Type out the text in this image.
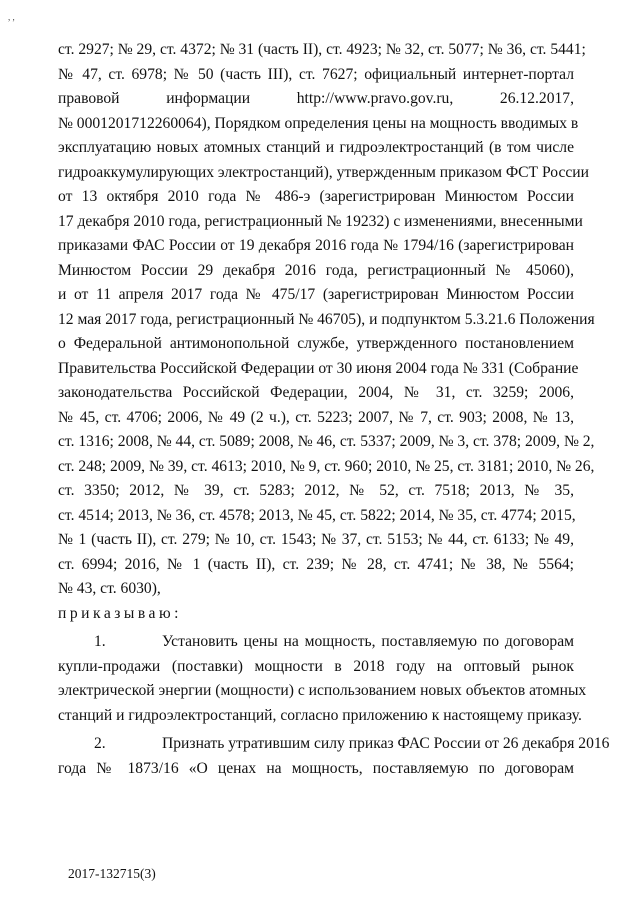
, ,
ст. 2927; № 29, ст. 4372; № 31 (часть II), ст. 4923; № 32, ст. 5077; № 36, ст. 5441;
№ 47, ст. 6978; № 50 (часть III), ст. 7627; официальный интернет-портал
правовой информации http://www.pravo.gov.ru, 26.12.2017,
№ 0001201712260064), Порядком определения цены на мощность вводимых в
эксплуатацию новых атомных станций и гидроэлектростанций (в том числе
гидроаккумулирующих электростанций), утвержденным приказом ФСТ России
от 13 октября 2010 года № 486-э (зарегистрирован Минюстом России
17 декабря 2010 года, регистрационный № 19232) с изменениями, внесенными
приказами ФАС России от 19 декабря 2016 года № 1794/16 (зарегистрирован
Минюстом России 29 декабря 2016 года, регистрационный № 45060),
и от 11 апреля 2017 года № 475/17 (зарегистрирован Минюстом России
12 мая 2017 года, регистрационный № 46705), и подпунктом 5.3.21.6 Положения
о Федеральной антимонопольной службе, утвержденного постановлением
Правительства Российской Федерации от 30 июня 2004 года № 331 (Собрание
законодательства Российской Федерации, 2004, № 31, ст. 3259; 2006,
№ 45, ст. 4706; 2006, № 49 (2 ч.), ст. 5223; 2007, № 7, ст. 903; 2008, № 13,
ст. 1316; 2008, № 44, ст. 5089; 2008, № 46, ст. 5337; 2009, № 3, ст. 378; 2009, № 2,
ст. 248; 2009, № 39, ст. 4613; 2010, № 9, ст. 960; 2010, № 25, ст. 3181; 2010, № 26,
ст. 3350; 2012, № 39, ст. 5283; 2012, № 52, ст. 7518; 2013, № 35,
ст. 4514; 2013, № 36, ст. 4578; 2013, № 45, ст. 5822; 2014, № 35, ст. 4774; 2015,
№ 1 (часть II), ст. 279; № 10, ст. 1543; № 37, ст. 5153; № 44, ст. 6133; № 49,
ст. 6994; 2016, № 1 (часть II), ст. 239; № 28, ст. 4741; № 38, № 5564;
№ 43, ст. 6030),
приказываю:
1.	Установить цены на мощность, поставляемую по договорам
купли-продажи (поставки) мощности в 2018 году на оптовый рынок
электрической энергии (мощности) с использованием новых объектов атомных
станций и гидроэлектростанций, согласно приложению к настоящему приказу.
2.	Признать утратившим силу приказ ФАС России от 26 декабря 2016
года № 1873/16 «О ценах на мощность, поставляемую по договорам
2017-132715(3)
